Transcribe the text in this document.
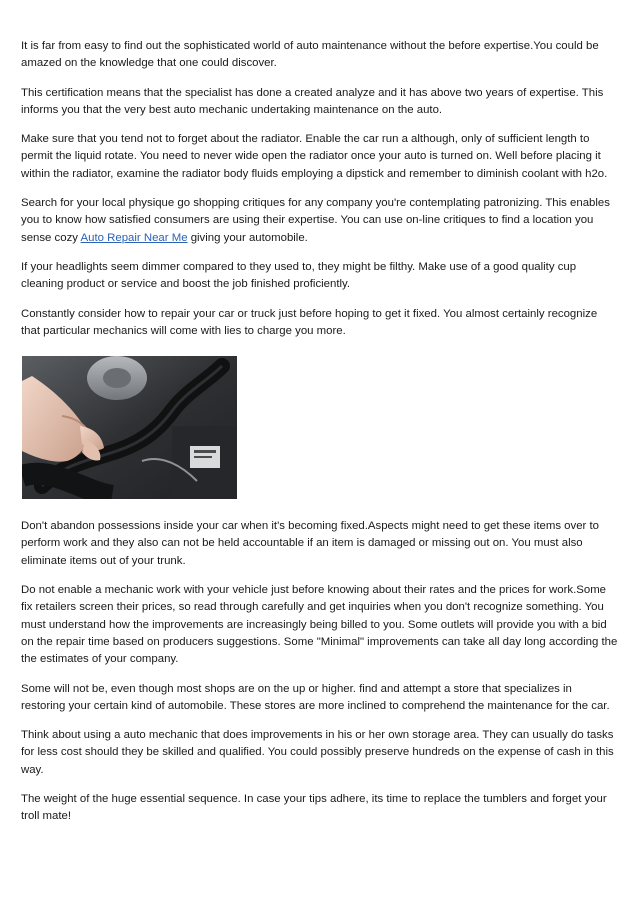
It is far from easy to find out the sophisticated world of auto maintenance without the before expertise.You could be amazed on the knowledge that one could discover.

This certification means that the specialist has done a created analyze and it has above two years of expertise. This informs you that the very best auto mechanic undertaking maintenance on the auto.

Make sure that you tend not to forget about the radiator. Enable the car run a although, only of sufficient length to permit the liquid rotate. You need to never wide open the radiator once your auto is turned on. Well before placing it within the radiator, examine the radiator body fluids employing a dipstick and remember to diminish coolant with h2o.

Search for your local physique go shopping critiques for any company you're contemplating patronizing. This enables you to know how satisfied consumers are using their expertise. You can use on-line critiques to find a location you sense cozy Auto Repair Near Me giving your automobile.

If your headlights seem dimmer compared to they used to, they might be filthy. Make use of a good quality cup cleaning product or service and boost the job finished proficiently.

Constantly consider how to repair your car or truck just before hoping to get it fixed. You almost certainly recognize that particular mechanics will come with lies to charge you more.

Don't abandon possessions inside your car when it's becoming fixed.Aspects might need to get these items over to perform work and they also can not be held accountable if an item is damaged or missing out on. You must also eliminate items out of your trunk.

Do not enable a mechanic work with your vehicle just before knowing about their rates and the prices for work.Some fix retailers screen their prices, so read through carefully and get inquiries when you don't recognize something. You must understand how the improvements are increasingly being billed to you. Some outlets will provide you with a bid on the repair time based on producers suggestions. Some "Minimal" improvements can take all day long according the the estimates of your company.

Some will not be, even though most shops are on the up or higher. find and attempt a store that specializes in restoring your certain kind of automobile. These stores are more inclined to comprehend the maintenance for the car.

Think about using a auto mechanic that does improvements in his or her own storage area. They can usually do tasks for less cost should they be skilled and qualified. You could possibly preserve hundreds on the expense of cash in this way.

The weight of the huge essential sequence. In case your tips adhere, its time to replace the tumblers and forget your troll mate!
